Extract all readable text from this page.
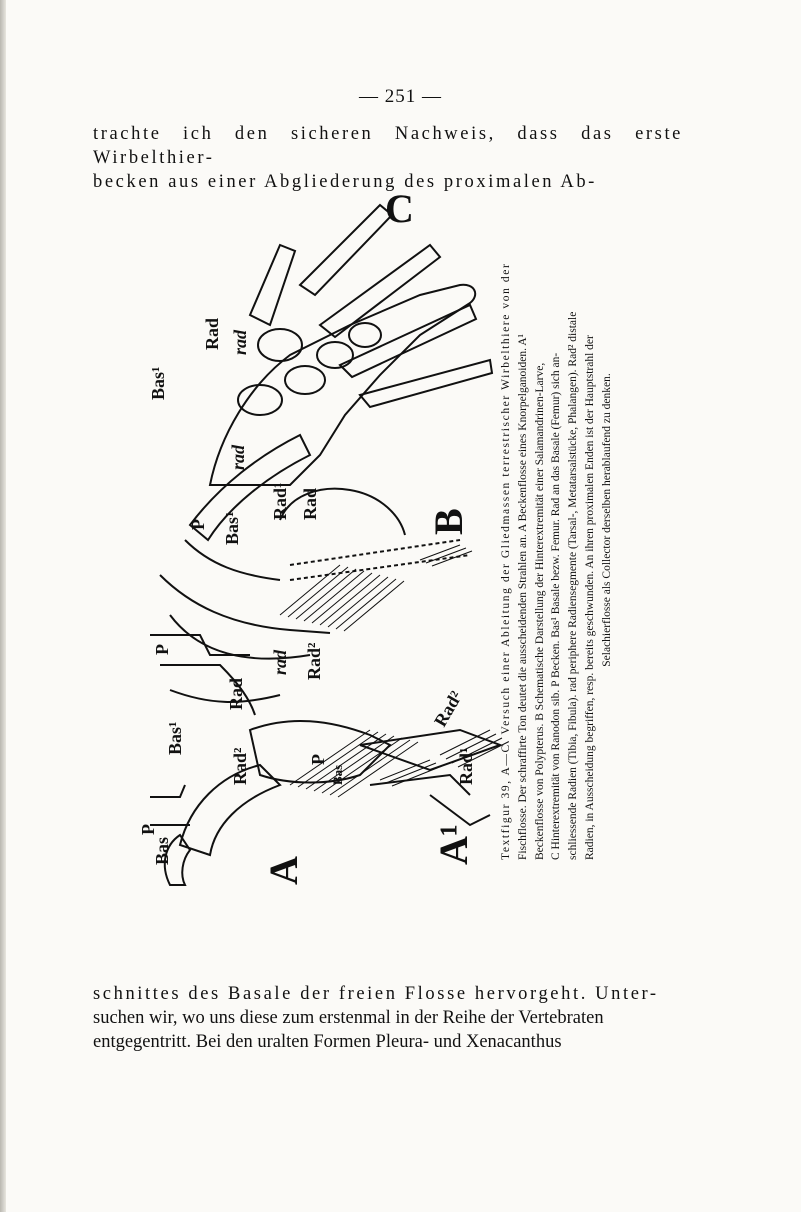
— 251 —

trachte ich den sicheren Nachweis, dass das erste Wirbelthier-

becken aus einer Abgliederung des proximalen Ab-

C
B
A
A¹
Bas¹
Rad rad
rad
P Bas¹
Rad¹ Rad
rad Rad²
P
Bas¹
Rad
Rad²
P
Bas
Rad²
Rad¹
Bas
P	Textfigur 39, A—C. Versuch einer Ableitung der Gliedmassen terrestrischer Wirbelthiere von der Fischflosse. Der schraffirte Ton deutet die ausscheidenden Strahlen an. A Beckenflosse eines Knorpelganoiden. A¹ Beckenflosse von Polypterus. B Schematische Darstellung der Hinterextremität einer Salamandrinen-Larve, C Hinterextremität von Ranodon sib. P Becken. Bas¹ Basale bezw. Femur. Rad an das Basale (Femur) sich an- schliessende Radien (Tibia, Fibula). rad periphere Radiensegmente (Tarsal-, Metatarsalstücke, Phalangen). Rad² distale Radien, in Ausscheidung begriffen, resp. bereits geschwunden. An ihren proximalen Enden ist der Hauptstrahl der Selachierflosse als Collector derselben herablaufend zu denken.

schnittes des Basale der freien Flosse hervorgeht. Unter-

suchen wir, wo uns diese zum erstenmal in der Reihe der Vertebraten

entgegentritt. Bei den uralten Formen Pleura- und Xenacanthus
